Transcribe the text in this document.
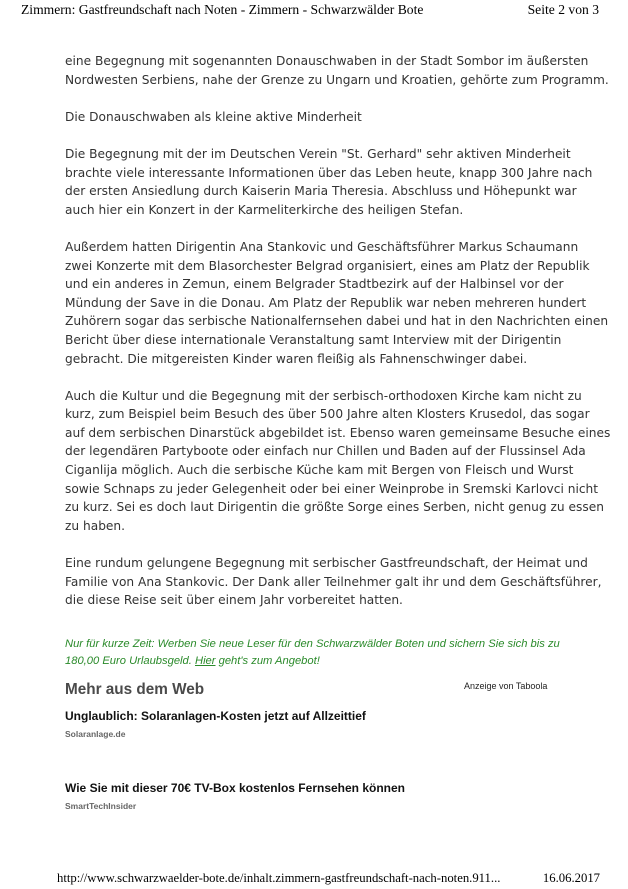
Zimmern: Gastfreundschaft nach Noten - Zimmern - Schwarzwälder Bote	Seite 2 von 3

eine Begegnung mit sogenannten Donauschwaben in der Stadt Sombor im äußersten

Nordwesten Serbiens, nahe der Grenze zu Ungarn und Kroatien, gehörte zum Programm.

Die Donauschwaben als kleine aktive Minderheit

Die Begegnung mit der im Deutschen Verein "St. Gerhard" sehr aktiven Minderheit

brachte viele interessante Informationen über das Leben heute, knapp 300 Jahre nach

der ersten Ansiedlung durch Kaiserin Maria Theresia. Abschluss und Höhepunkt war

auch hier ein Konzert in der Karmeliterkirche des heiligen Stefan.

Außerdem hatten Dirigentin Ana Stankovic und Geschäftsführer Markus Schaumann

zwei Konzerte mit dem Blasorchester Belgrad organisiert, eines am Platz der Republik

und ein anderes in Zemun, einem Belgrader Stadtbezirk auf der Halbinsel vor der

Mündung der Save in die Donau. Am Platz der Republik war neben mehreren hundert

Zuhörern sogar das serbische Nationalfernsehen dabei und hat in den Nachrichten einen

Bericht über diese internationale Veranstaltung samt Interview mit der Dirigentin

gebracht. Die mitgereisten Kinder waren fleißig als Fahnenschwinger dabei.

Auch die Kultur und die Begegnung mit der serbisch-orthodoxen Kirche kam nicht zu

kurz, zum Beispiel beim Besuch des über 500 Jahre alten Klosters Krusedol, das sogar

auf dem serbischen Dinarstück abgebildet ist. Ebenso waren gemeinsame Besuche eines

der legendären Partyboote oder einfach nur Chillen und Baden auf der Flussinsel Ada

Ciganlija möglich. Auch die serbische Küche kam mit Bergen von Fleisch und Wurst

sowie Schnaps zu jeder Gelegenheit oder bei einer Weinprobe in Sremski Karlovci nicht

zu kurz. Sei es doch laut Dirigentin die größte Sorge eines Serben, nicht genug zu essen

zu haben.

Eine rundum gelungene Begegnung mit serbischer Gastfreundschaft, der Heimat und

Familie von Ana Stankovic. Der Dank aller Teilnehmer galt ihr und dem Geschäftsführer,

die diese Reise seit über einem Jahr vorbereitet hatten.

Nur für kurze Zeit: Werben Sie neue Leser für den Schwarzwälder Boten und sichern Sie sich bis zu
180,00 Euro Urlaubsgeld. Hier geht's zum Angebot!
Mehr aus dem Web	Anzeige von Taboola
Unglaublich: Solaranlagen-Kosten jetzt auf Allzeittief
Solaranlage.de
Wie Sie mit dieser 70€ TV-Box kostenlos Fernsehen können
SmartTechInsider
http://www.schwarzwaelder-bote.de/inhalt.zimmern-gastfreundschaft-nach-noten.911...	16.06.2017
